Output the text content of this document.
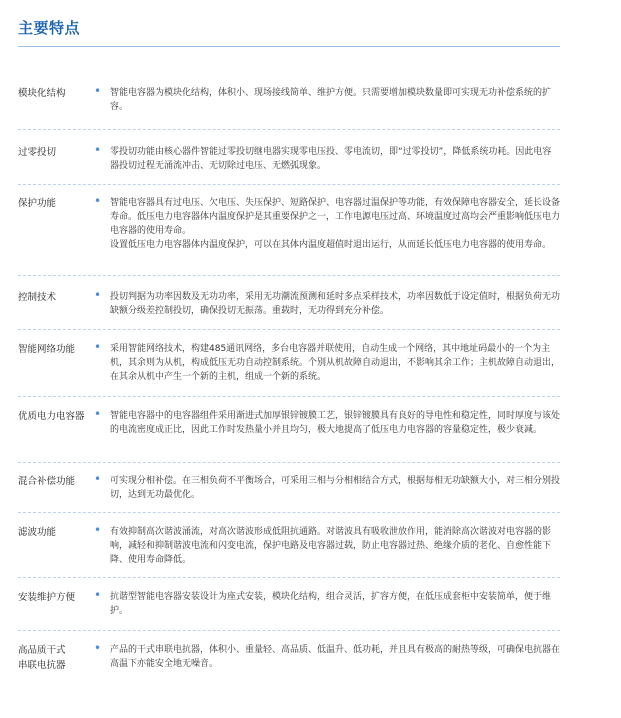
主要特点
模块化结构	• 智能电容器为模块化结构，体积小、现场接线简单、维护方便。只需要增加模块数量即可实现无功补偿系统的扩容。

过零投切	• 零投切功能由核心器件智能过零投切继电器实现零电压投、零电流切，即“过零投切”，降低系统功耗。因此电容器投切过程无涌流冲击、无切除过电压、无燃弧现象。

保护功能	• 智能电容器具有过电压、欠电压、失压保护、短路保护、电容器过温保护等功能，有效保障电容器安全，延长设备寿命。低压电力电容器体内温度保护是其重要保护之一，工作电源电压过高、环境温度过高均会严重影响低压电力电容器的使用寿命。

设置低压电力电容器体内温度保护，可以在其体内温度超值时退出运行，从而延长低压电力电容器的使用寿命。

控制技术	• 投切判据为功率因数及无功功率，采用无功潮流预测和延时多点采样技术，功率因数低于设定值时，根据负荷无功缺额分级差控制投切，确保投切无振荡。重载时，无功得到充分补偿。

智能网络功能	• 采用智能网络技术，构建485通讯网络，多台电容器并联使用，自动生成一个网络，其中地址码最小的一个为主机，其余则为从机，构成低压无功自动控制系统。个别从机故障自动退出，不影响其余工作；主机故障自动退出，在其余从机中产生一个新的主机，组成一个新的系统。

优质电力电容器 • 智能电容器中的电容器组件采用渐进式加厚银锌镀膜工艺，银锌镀膜具有良好的导电性和稳定性，同时厚度与该处的电流密度成正比，因此工作时发热量小并且均匀，极大地提高了低压电力电容器的容量稳定性，极少衰减。

混合补偿功能	• 可实现分相补偿。在三相负荷不平衡场合，可采用三相与分相相结合方式，根据每相无功缺额大小，对三相分别投切，达到无功最优化。

滤波功能	• 有效抑制高次谐波涌流，对高次谐波形成低阻抗通路。对谐波具有吸收泄放作用，能消除高次谐波对电容器的影响，减轻和抑制谐波电流和闪变电流，保护电路及电容器过载，防止电容器过热、绝缘介质的老化、自愈性能下降、使用寿命降低。

安装维护方便	• 抗谐型智能电容器安装设计为座式安装，模块化结构，组合灵活，扩容方便，在低压成套柜中安装简单，便于维护。

高品质干式
串联电抗器
• 产品的干式串联电抗器，体积小、重量轻、高品质、低温升、低功耗，并且具有极高的耐热等级，可确保电抗器在高温下亦能安全地无噪音。
